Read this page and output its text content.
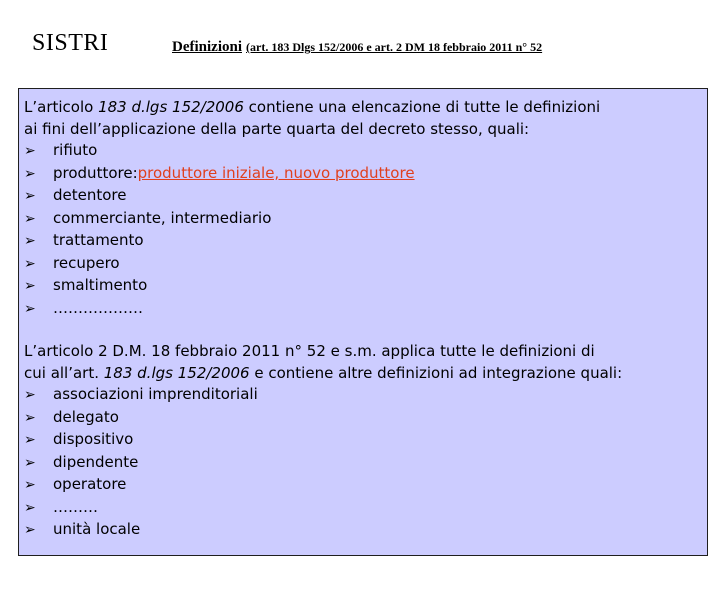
SISTRI	Definizioni (art. 183 Dlgs 152/2006 e art. 2 DM 18 febbraio 2011 n° 52

L’articolo 183 d.lgs 152/2006 contiene una elencazione di tutte le definizioni
ai fini dell’applicazione della parte quarta del decreto stesso, quali:

➢	rifiuto
➢	produttore: produttore iniziale, nuovo produttore
➢	detentore
➢	commerciante, intermediario
➢	trattamento
➢	recupero
➢	smaltimento
➢	………………

L’articolo 2 D.M. 18 febbraio 2011 n° 52 e s.m. applica tutte le definizioni di
cui all’art. 183 d.lgs 152/2006 e contiene altre definizioni ad integrazione quali:

➢	associazioni imprenditoriali
➢	delegato
➢	dispositivo
➢	dipendente
➢	operatore
➢	………
➢	unità locale
